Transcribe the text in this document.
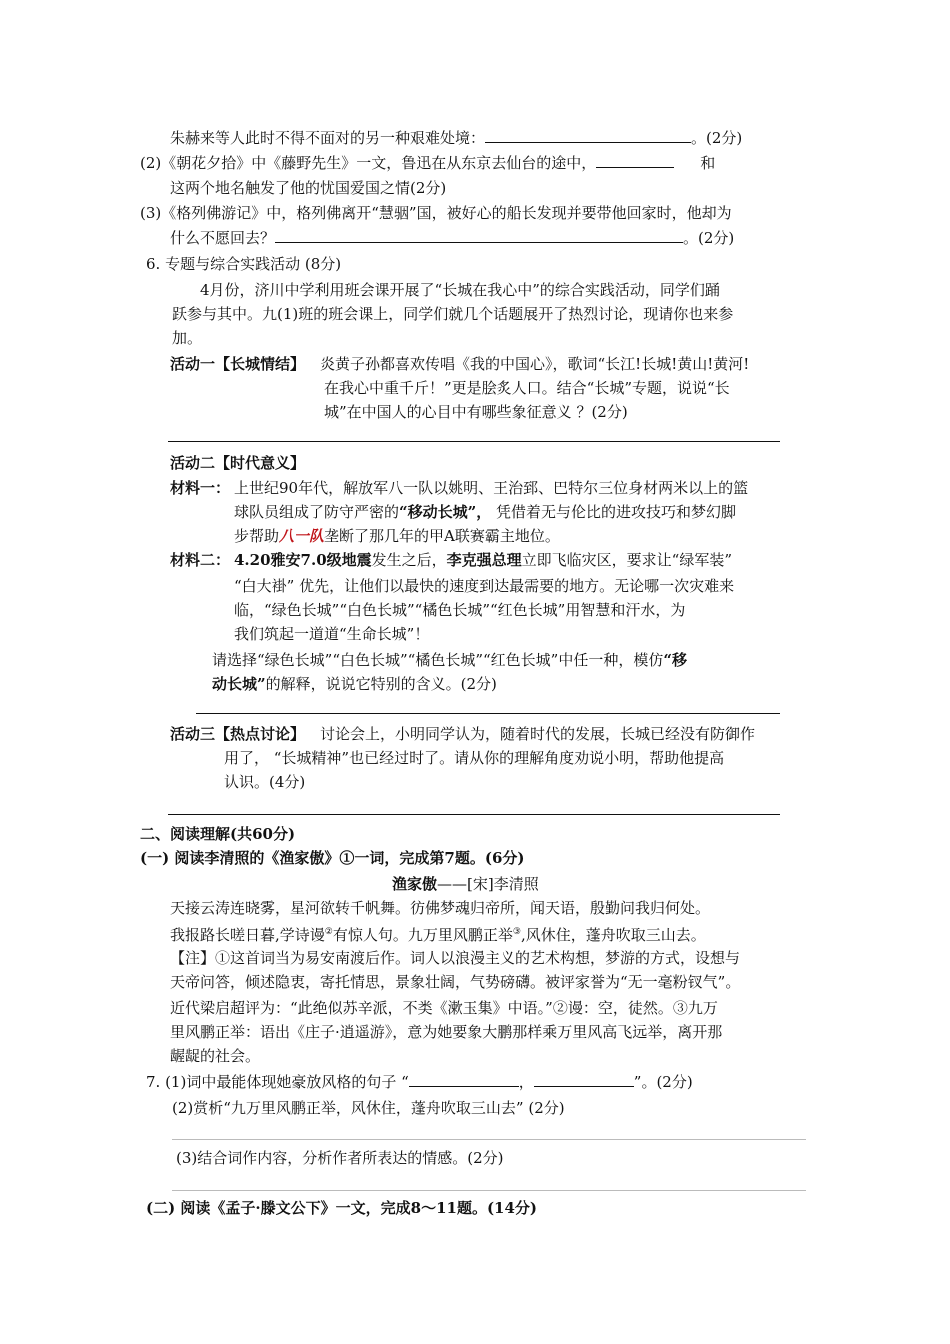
朱赫来等人此时不得不面对的另一种艰难处境：	。(2分)
(2)《朝花夕拾》中《藤野先生》一文，鲁迅在从东京去仙台的途中，	和
这两个地名触发了他的忧国爱国之情(2分)
(3)《格列佛游记》中，格列佛离开“慧骃”国，被好心的船长发现并要带他回家时，他却为
什么不愿回去？	。(2分)
6. 专题与综合实践活动 (8分)
4月份，济川中学利用班会课开展了“长城在我心中”的综合实践活动，同学们踊
跃参与其中。九(1)班的班会课上，同学们就几个话题展开了热烈讨论，现请你也来参
加。
活动一【长城情结】 炎黄子孙都喜欢传唱《我的中国心》，歌词“长江!长城!黄山!黄河!
在我心中重千斤！”更是脍炙人口。结合“长城”专题，说说“长
城”在中国人的心目中有哪些象征意义 ？(2分)
活动二【时代意义】
材料一： 上世纪90年代，解放军八一队以姚明、王治郅、巴特尔三位身材两米以上的篮
球队员组成了防守严密的“移动长城”， 凭借着无与伦比的进攻技巧和梦幻脚
步帮助八一队垄断了那几年的甲A联赛霸主地位。
材料二： 4.20雅安7.0级地震发生之后，李克强总理立即飞临灾区，要求让“绿军装”
“白大褂” 优先，让他们以最快的速度到达最需要的地方。无论哪一次灾难来
临，“绿色长城”“白色长城”“橘色长城”“红色长城”用智慧和汗水，为
我们筑起一道道“生命长城”！
请选择“绿色长城”“白色长城”“橘色长城”“红色长城”中任一种，模仿“移
动长城”的解释，说说它特别的含义。(2分)
活动三【热点讨论】 讨论会上，小明同学认为，随着时代的发展，长城已经没有防御作
用了， “长城精神”也已经过时了。请从你的理解角度劝说小明，帮助他提高
认识。(4分)
二、阅读理解(共60分)
(一) 阅读李清照的《渔家傲》①一词，完成第7题。(6分)
渔家傲——[宋]李清照
天接云涛连晓雾，星河欲转千帆舞。彷佛梦魂归帝所，闻天语，殷勤问我归何处。
我报路长嗟日暮,学诗谩②有惊人句。九万里风鹏正举③,风休住，蓬舟吹取三山去。
【注】①这首词当为易安南渡后作。词人以浪漫主义的艺术构想，梦游的方式，设想与
天帝问答，倾述隐衷，寄托情思，景象壮阔，气势磅礴。被评家誉为“无一毫粉钗气”。
近代梁启超评为：“此绝似苏辛派，不类《漱玉集》中语。”②谩：空，徒然。③九万
里风鹏正举：语出《庄子·逍遥游》，意为她要象大鹏那样乘万里风高飞远举，离开那
龌龊的社会。
7. (1)词中最能体现她豪放风格的句子 “	，	”。(2分)
(2)赏析“九万里风鹏正举，风休住，蓬舟吹取三山去” (2分)
(3)结合词作内容，分析作者所表达的情感。(2分)
(二) 阅读《孟子·滕文公下》一文，完成8～11题。(14分)
